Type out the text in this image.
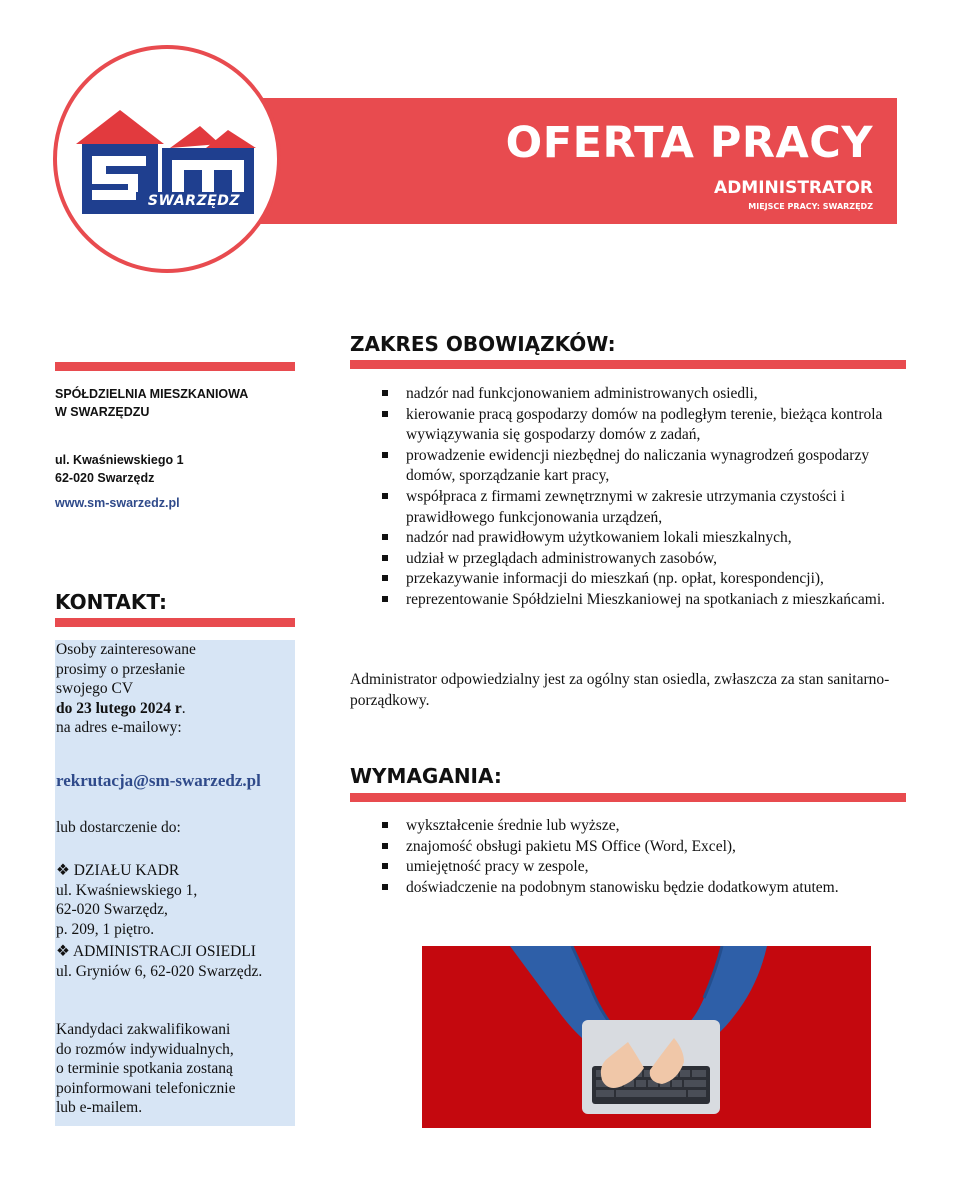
OFERTA PRACY
ADMINISTRATOR
MIEJSCE PRACY: SWARZĘDZ
SWARZĘDZ
SPÓŁDZIELNIA MIESZKANIOWA
W SWARZĘDZU
ul. Kwaśniewskiego 1
62-020 Swarzędz
www.sm-swarzedz.pl
KONTAKT:
Osoby zainteresowane
prosimy o przesłanie
swojego CV
do 23 lutego 2024 r.
na adres e-mailowy:
rekrutacja@sm-swarzedz.pl
lub dostarczenie do:
❖ DZIAŁU KADR
ul. Kwaśniewskiego 1,
62-020 Swarzędz,
p. 209, 1 piętro.
❖ ADMINISTRACJI OSIEDLI
ul. Gryniów 6, 62-020 Swarzędz.
Kandydaci zakwalifikowani
do rozmów indywidualnych,
o terminie spotkania zostaną
poinformowani telefonicznie
lub e-mailem.
ZAKRES OBOWIĄZKÓW:
nadzór nad funkcjonowaniem administrowanych osiedli,
kierowanie pracą gospodarzy domów na podległym terenie, bieżąca kontrola wywiązywania się gospodarzy domów z zadań,
prowadzenie ewidencji niezbędnej do naliczania wynagrodzeń gospodarzy domów, sporządzanie kart pracy,
współpraca z firmami zewnętrznymi w zakresie utrzymania czystości i prawidłowego funkcjonowania urządzeń,
nadzór nad prawidłowym użytkowaniem lokali mieszkalnych,
udział w przeglądach administrowanych zasobów,
przekazywanie informacji do mieszkań (np. opłat, korespondencji),
reprezentowanie Spółdzielni Mieszkaniowej na spotkaniach z mieszkańcami.
Administrator odpowiedzialny jest za ogólny stan osiedla, zwłaszcza za stan sanitarno-porządkowy.
WYMAGANIA:
wykształcenie średnie lub wyższe,
znajomość obsługi pakietu MS Office (Word, Excel),
umiejętność pracy w zespole,
doświadczenie na podobnym stanowisku będzie dodatkowym atutem.
